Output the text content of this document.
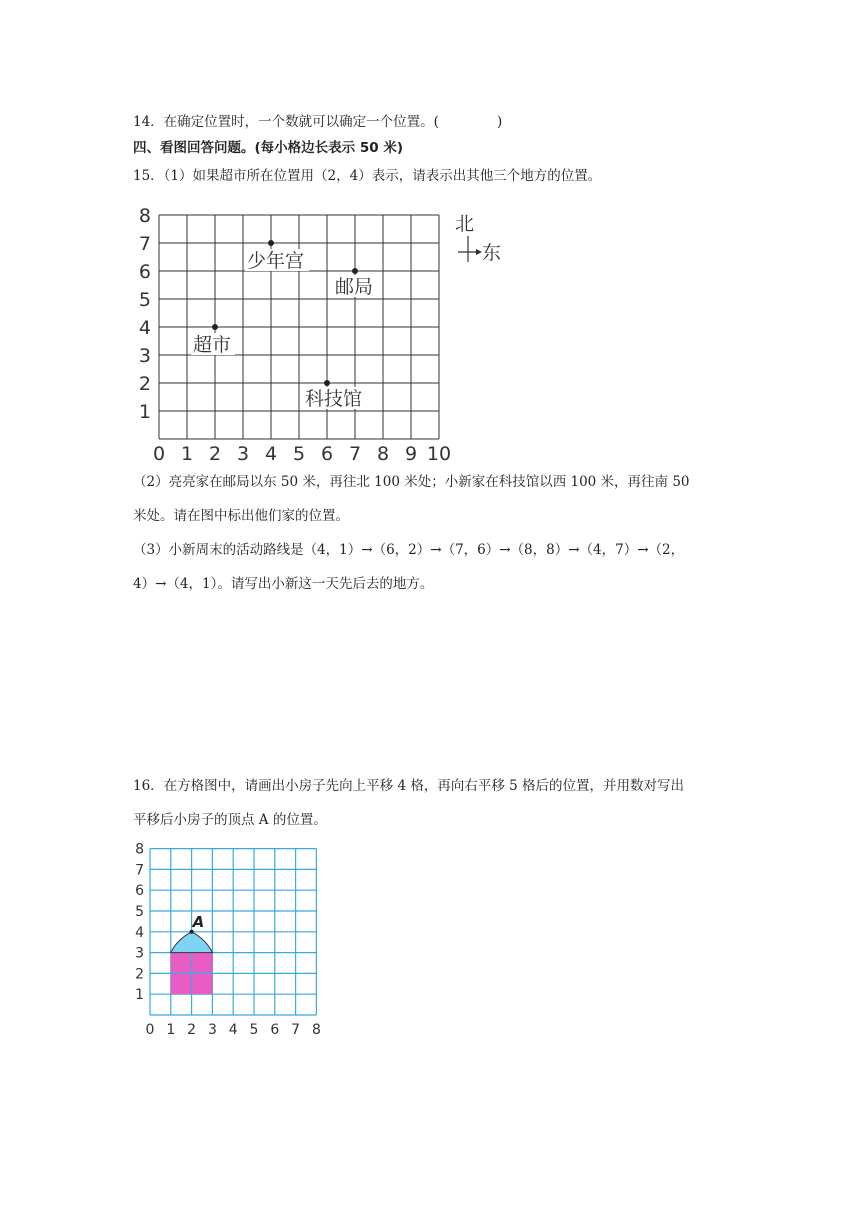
14．在确定位置时，一个数就可以确定一个位置。(	)
四、看图回答问题。(每小格边长表示 50 米)
15．（1）如果超市所在位置用（2，4）表示，请表示出其他三个地方的位置。
0 1 2 3 4 5 6 7 8 9 10
1
2
3
4
5
6
7
8
超市
少年宫
邮局
科技馆
北
东
（2）亮亮家在邮局以东 50 米，再往北 100 米处；小新家在科技馆以西 100 米，再往南 50
米处。请在图中标出他们家的位置。
（3）小新周末的活动路线是（4，1）→（6，2）→（7，6）→（8，8）→（4，7）→（2，
4）→（4，1）。请写出小新这一天先后去的地方。
16．在方格图中，请画出小房子先向上平移 4 格，再向右平移 5 格后的位置，并用数对写出
平移后小房子的顶点 A 的位置。
0 1 2 3 4 5 6 7 8
1
2
3
4
5
6
7
8
A
